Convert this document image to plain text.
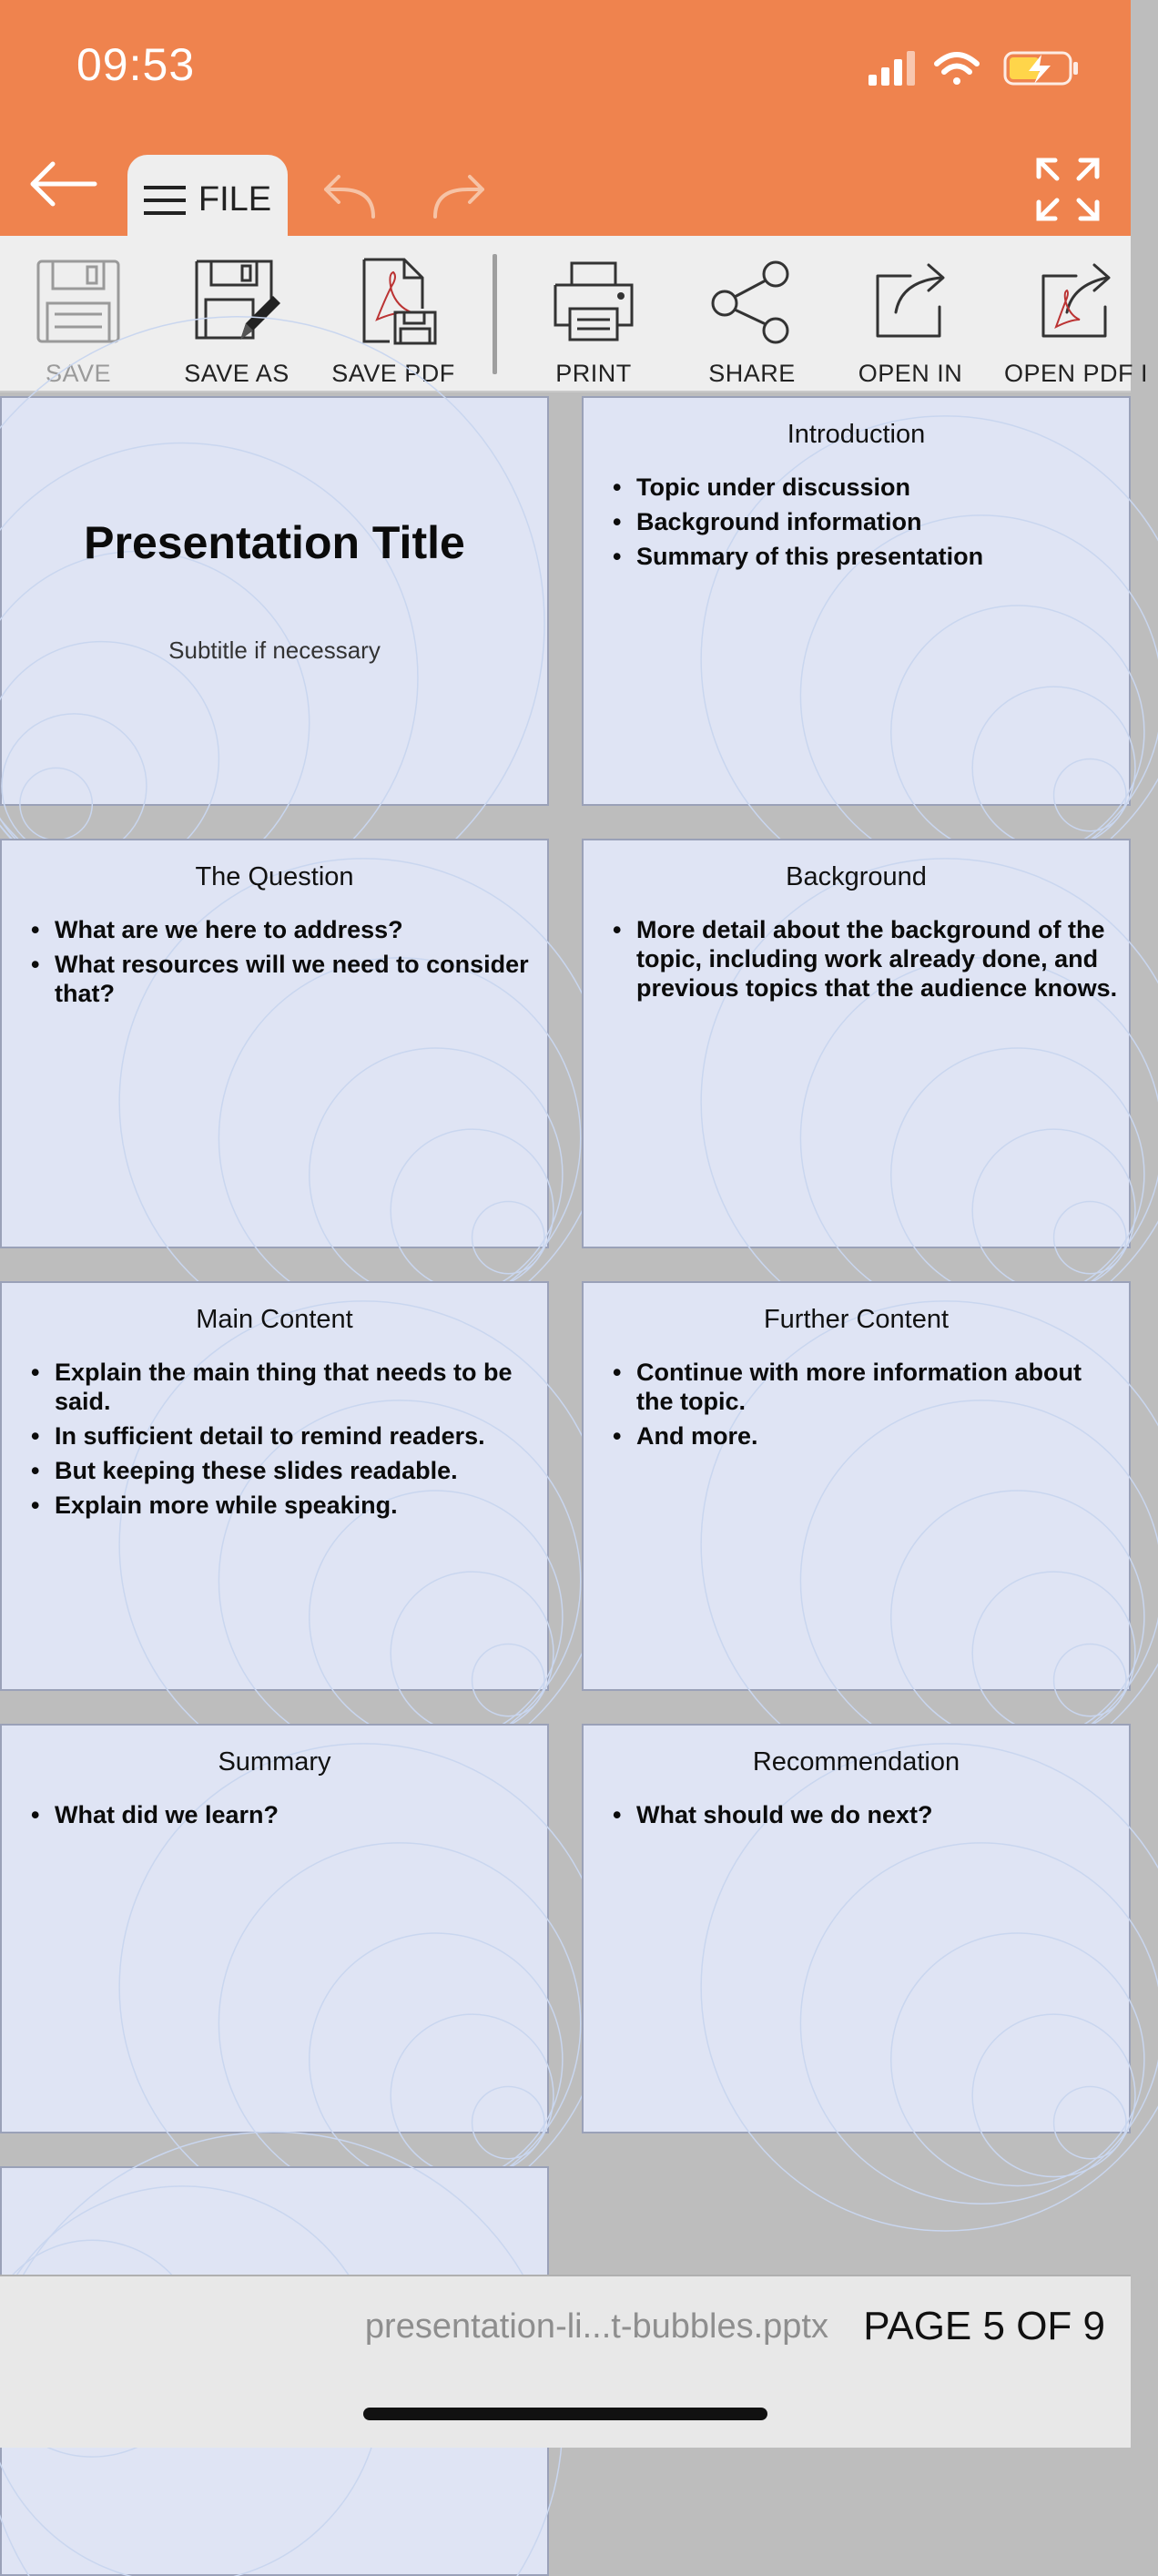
09:53
FILE
SAVE	SAVE AS SAVE PDF	PRINT	SHARE	OPEN IN OPEN PDF I
Presentation Title
Subtitle if necessary
Introduction
• Topic under discussion
• Background information
• Summary of this presentation
The Question
• What are we here to address?
• What resources will we need to consider that?
Background
• More detail about the background of the topic, including work already done, and previous topics that the audience knows.
Main Content
• Explain the main thing that needs to be said.
• In sufficient detail to remind readers.
• But keeping these slides readable.
• Explain more while speaking.
Further Content
• Continue with more information about the topic.
• And more.
Summary
• What did we learn?
Recommendation
• What should we do next?
presentation-li...t-bubbles.pptx PAGE 5 OF 9
